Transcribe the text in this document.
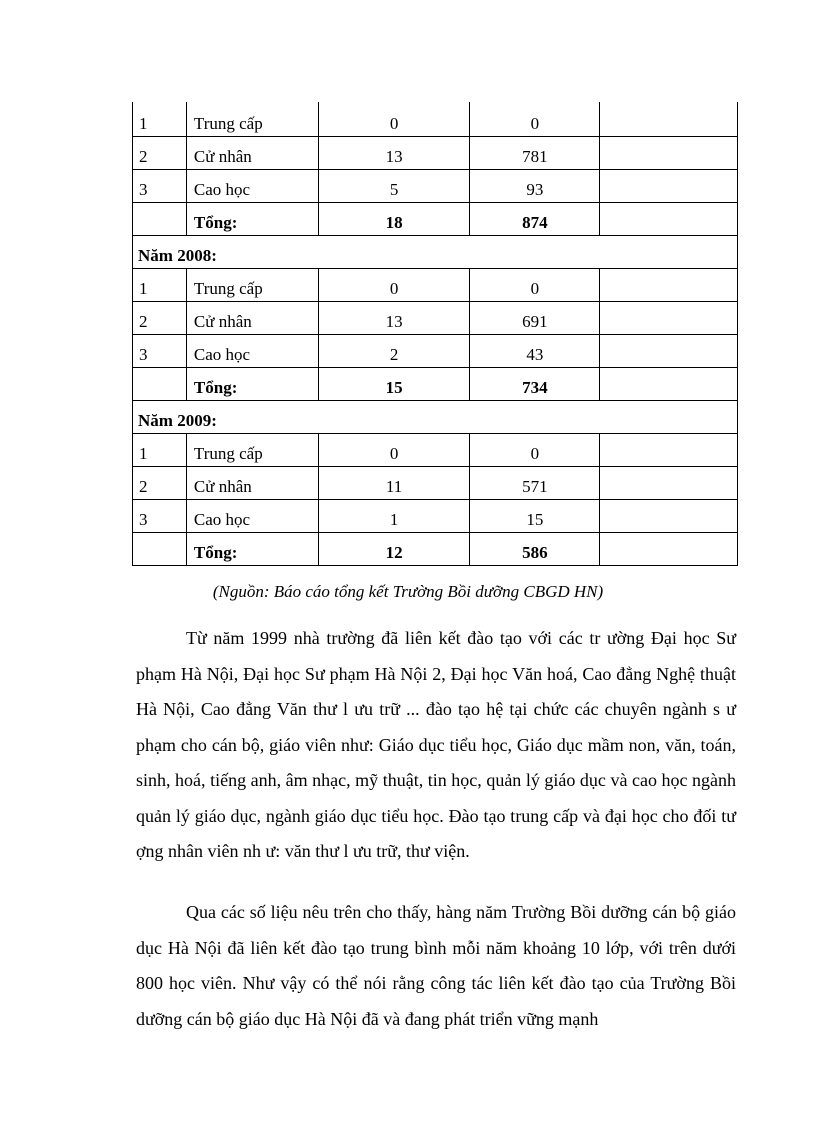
1	Trung cấp	0	0	
2	Cử nhân	13	781	
3	Cao học	5	93	
	Tổng:	18	874	
Năm 2008:				
1	Trung cấp	0	0	
2	Cử nhân	13	691	
3	Cao học	2	43	
	Tổng:	15	734	
Năm 2009:				
1	Trung cấp	0	0	
2	Cử nhân	11	571	
3	Cao học	1	15	
	Tổng:	12	586	
(Nguồn: Báo cáo tổng kết Trường Bồi dưỡng CBGD HN)

Từ năm 1999 nhà trường đã liên kết đào tạo với các tr ường Đại học Sư phạm Hà Nội, Đại học Sư phạm Hà Nội 2, Đại học Văn hoá, Cao đẳng Nghệ thuật Hà Nội, Cao đẳng Văn thư l ưu trữ ... đào tạo hệ tại chức các chuyên ngành s ư phạm cho cán bộ, giáo viên như: Giáo dục tiểu học, Giáo dục mầm non, văn, toán, sinh, hoá, tiếng anh, âm nhạc, mỹ thuật, tin học, quản lý giáo dục và cao học ngành quản lý giáo dục, ngành giáo dục tiểu học. Đào tạo trung cấp và đại học cho đối tư ợng nhân viên nh ư: văn thư l ưu trữ, thư viện.

Qua các số liệu nêu trên cho thấy, hàng năm Trường Bồi dưỡng cán bộ giáo dục Hà Nội đã liên kết đào tạo trung bình mỗi năm khoảng 10 lớp, với trên dưới 800 học viên. Như vậy có thể nói rằng công tác liên kết đào tạo của Trường Bồi dưỡng cán bộ giáo dục Hà Nội đã và đang phát triển vững mạnh
